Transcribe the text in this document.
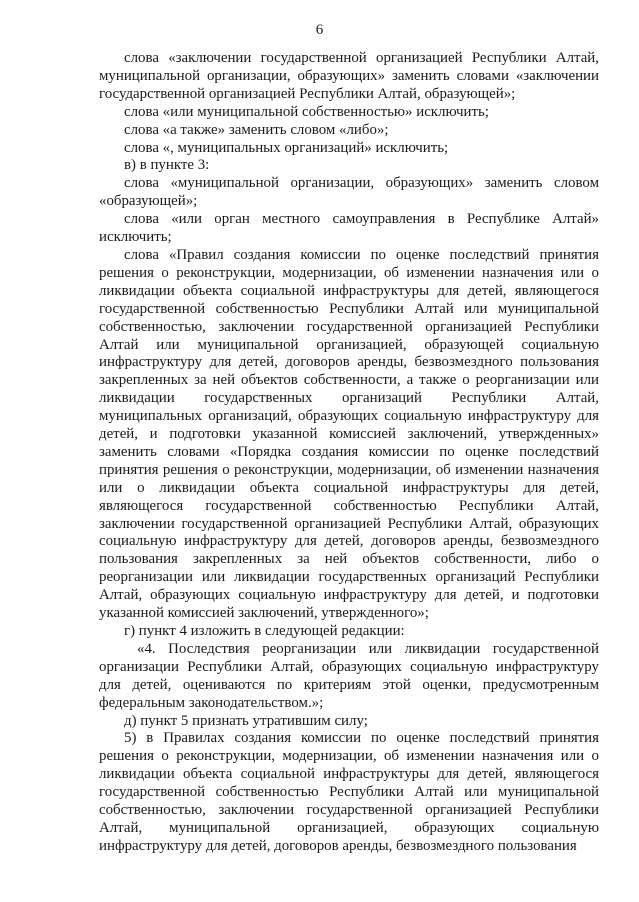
6

слова «заключении государственной организацией Республики Алтай, муниципальной организации, образующих» заменить словами «заключении государственной организацией Республики Алтай, образующей»;

слова «или муниципальной собственностью» исключить;

слова «а также» заменить словом «либо»;

слова «, муниципальных организаций» исключить;

в) в пункте 3:

слова «муниципальной организации, образующих» заменить словом «образующей»;

слова «или орган местного самоуправления в Республике Алтай» исключить;

слова «Правил создания комиссии по оценке последствий принятия решения о реконструкции, модернизации, об изменении назначения или о ликвидации объекта социальной инфраструктуры для детей, являющегося государственной собственностью Республики Алтай или муниципальной собственностью, заключении государственной организацией Республики Алтай или муниципальной организацией, образующей социальную инфраструктуру для детей, договоров аренды, безвозмездного пользования закрепленных за ней объектов собственности, а также о реорганизации или ликвидации государственных организаций Республики Алтай, муниципальных организаций, образующих социальную инфраструктуру для детей, и подготовки указанной комиссией заключений, утвержденных» заменить словами «Порядка создания комиссии по оценке последствий принятия решения о реконструкции, модернизации, об изменении назначения или о ликвидации объекта социальной инфраструктуры для детей, являющегося государственной собственностью Республики Алтай, заключении государственной организацией Республики Алтай, образующих социальную инфраструктуру для детей, договоров аренды, безвозмездного пользования закрепленных за ней объектов собственности, либо о реорганизации или ликвидации государственных организаций Республики Алтай, образующих социальную инфраструктуру для детей, и подготовки указанной комиссией заключений, утвержденного»;

г) пункт 4 изложить в следующей редакции:

«4. Последствия реорганизации или ликвидации государственной организации Республики Алтай, образующих социальную инфраструктуру для детей, оцениваются по критериям этой оценки, предусмотренным федеральным законодательством.»;

д) пункт 5 признать утратившим силу;

5) в Правилах создания комиссии по оценке последствий принятия решения о реконструкции, модернизации, об изменении назначения или о ликвидации объекта социальной инфраструктуры для детей, являющегося государственной собственностью Республики Алтай или муниципальной собственностью, заключении государственной организацией Республики Алтай, муниципальной организацией, образующих социальную инфраструктуру для детей, договоров аренды, безвозмездного пользования
